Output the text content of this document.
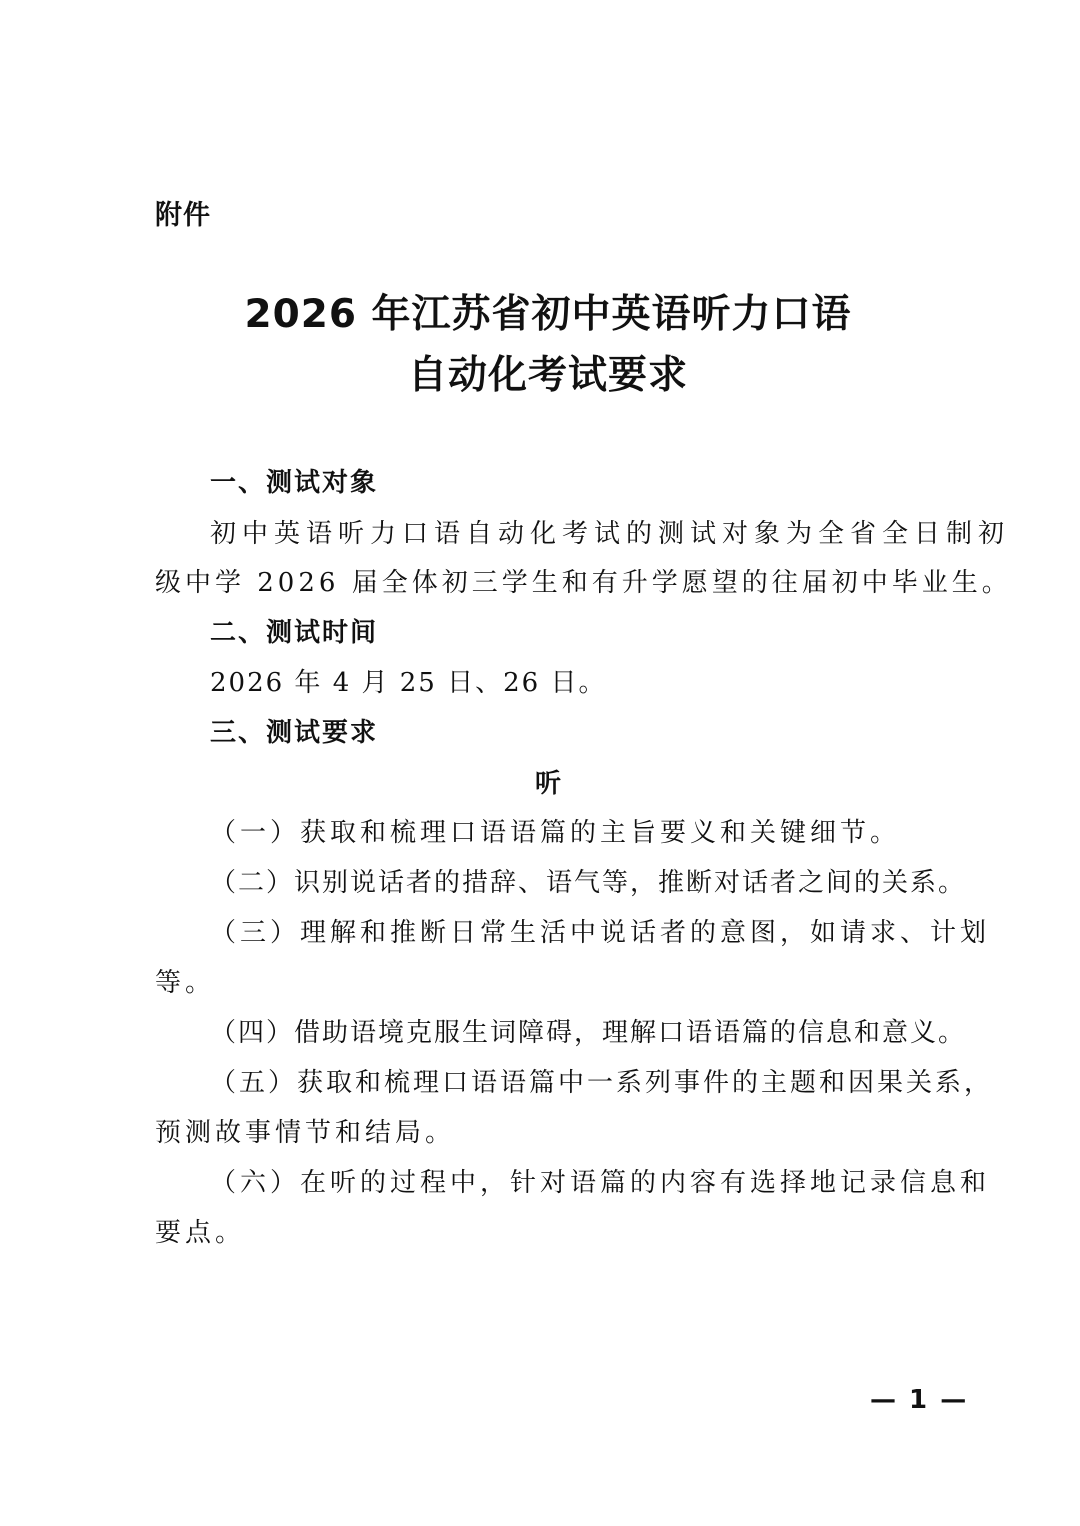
附件
2026 年江苏省初中英语听力口语
自动化考试要求
一、测试对象
初中英语听力口语自动化考试的测试对象为全省全日制初
级中学 2026 届全体初三学生和有升学愿望的往届初中毕业生。
二、测试时间
2026 年 4 月 25 日、26 日。
三、测试要求
听
（一）获取和梳理口语语篇的主旨要义和关键细节。
（二）识别说话者的措辞、语气等，推断对话者之间的关系。
（三）理解和推断日常生活中说话者的意图，如请求、计划
等。
（四）借助语境克服生词障碍，理解口语语篇的信息和意义。
（五）获取和梳理口语语篇中一系列事件的主题和因果关系，
预测故事情节和结局。
（六）在听的过程中，针对语篇的内容有选择地记录信息和
要点。
— 1 —
